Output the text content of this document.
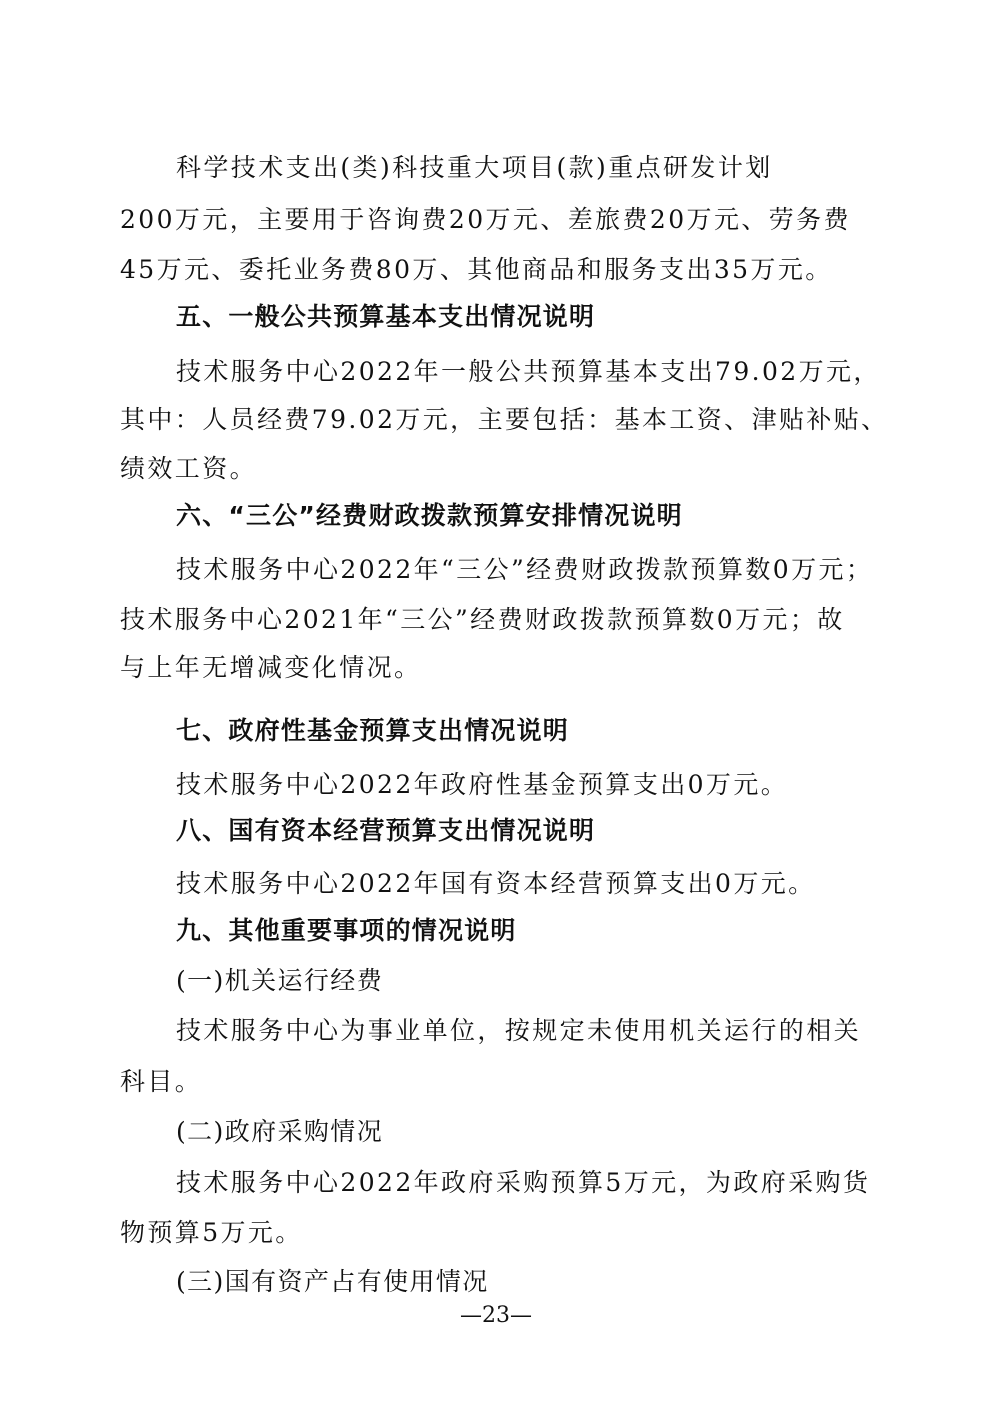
科学技术支出(类)科技重大项目(款)重点研发计划

200万元，主要用于咨询费20万元、差旅费20万元、劳务费

45万元、委托业务费80万、其他商品和服务支出35万元。

五、一般公共预算基本支出情况说明

技术服务中心2022年一般公共预算基本支出79.02万元，

其中：人员经费79.02万元，主要包括：基本工资、津贴补贴、

绩效工资。

六、“三公”经费财政拨款预算安排情况说明

技术服务中心2022年“三公”经费财政拨款预算数0万元；

技术服务中心2021年“三公”经费财政拨款预算数0万元；故

与上年无增减变化情况。

七、政府性基金预算支出情况说明

技术服务中心2022年政府性基金预算支出0万元。

八、国有资本经营预算支出情况说明

技术服务中心2022年国有资本经营预算支出0万元。

九、其他重要事项的情况说明

(一)机关运行经费

技术服务中心为事业单位，按规定未使用机关运行的相关

科目。

(二)政府采购情况

技术服务中心2022年政府采购预算5万元，为政府采购货

物预算5万元。

(三)国有资产占有使用情况

—23—
